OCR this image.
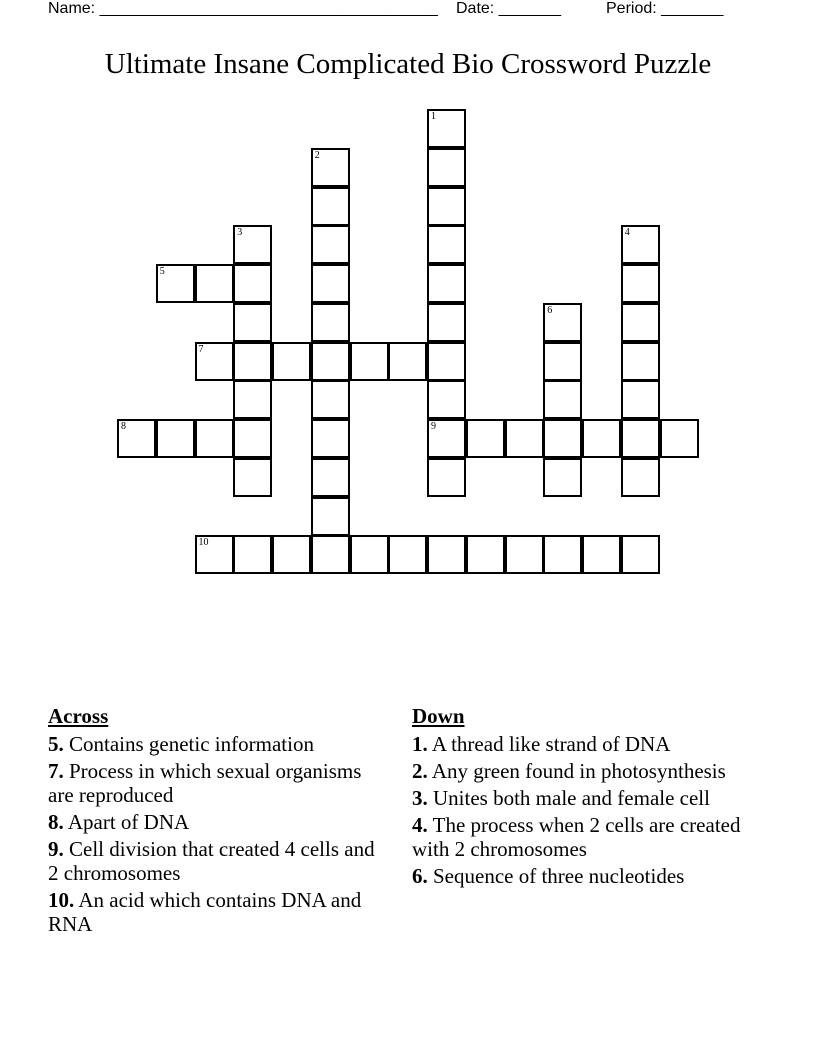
Name: ______________________________________ Date: _______	Period: _______
Ultimate Insane Complicated Bio Crossword Puzzle
1
9
2
3	4
5
6
7
8
10
Across
5. Contains genetic information
7. Process in which sexual organisms are reproduced
8. Apart of DNA
9. Cell division that created 4 cells and 2 chromosomes
10. An acid which contains DNA and RNA
Down
1. A thread like strand of DNA
2. Any green found in photosynthesis
3. Unites both male and female cell
4. The process when 2 cells are created with 2 chromosomes
6. Sequence of three nucleotides
